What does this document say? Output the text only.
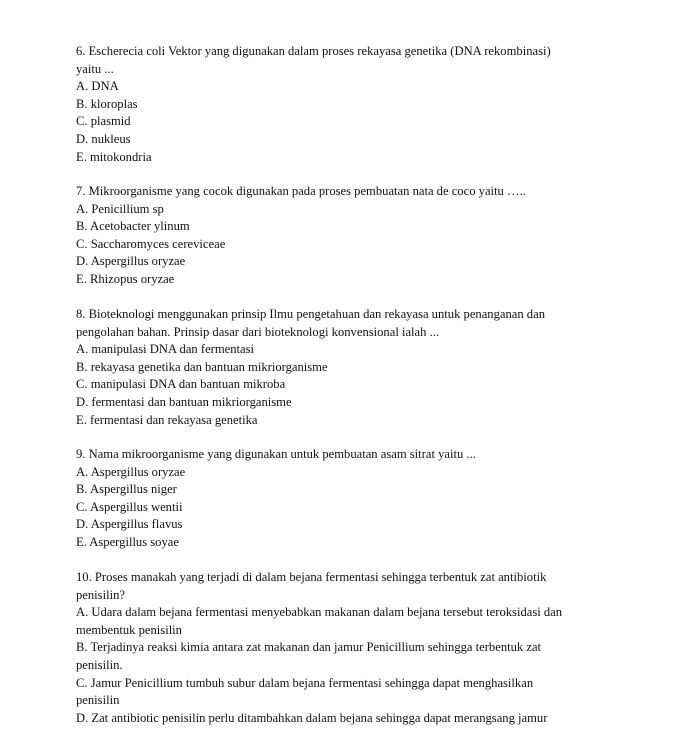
6. Escherecia coli Vektor yang digunakan dalam proses rekayasa genetika (DNA rekombinasi)
yaitu ...
A. DNA
B. kloroplas
C. plasmid
D. nukleus
E. mitokondria
7. Mikroorganisme yang cocok digunakan pada proses pembuatan nata de coco yaitu …..
A. Penicillium sp
B. Acetobacter ylinum
C. Saccharomyces cereviceae
D. Aspergillus oryzae
E. Rhizopus oryzae
8. Bioteknologi menggunakan prinsip Ilmu pengetahuan dan rekayasa untuk penanganan dan
pengolahan bahan. Prinsip dasar dari bioteknologi konvensional ialah ...
A. manipulasi DNA dan fermentasi
B. rekayasa genetika dan bantuan mikriorganisme
C. manipulasi DNA dan bantuan mikroba
D. fermentasi dan bantuan mikriorganisme
E. fermentasi dan rekayasa genetika
9. Nama mikroorganisme yang digunakan untuk pembuatan asam sitrat yaitu ...
A. Aspergillus oryzae
B. Aspergillus niger
C. Aspergillus wentii
D. Aspergillus flavus
E. Aspergillus soyae
10. Proses manakah yang terjadi di dalam bejana fermentasi sehingga terbentuk zat antibiotik
penisilin?
A. Udara dalam bejana fermentasi menyebabkan makanan dalam bejana tersebut teroksidasi dan
membentuk penisilin
B. Terjadinya reaksi kimia antara zat makanan dan jamur Penicillium sehingga terbentuk zat
penisilin.
C. Jamur Penicillium tumbuh subur dalam bejana fermentasi sehingga dapat menghasilkan
penisilin
D. Zat antibiotic penisilin perlu ditambahkan dalam bejana sehingga dapat merangsang jamur
